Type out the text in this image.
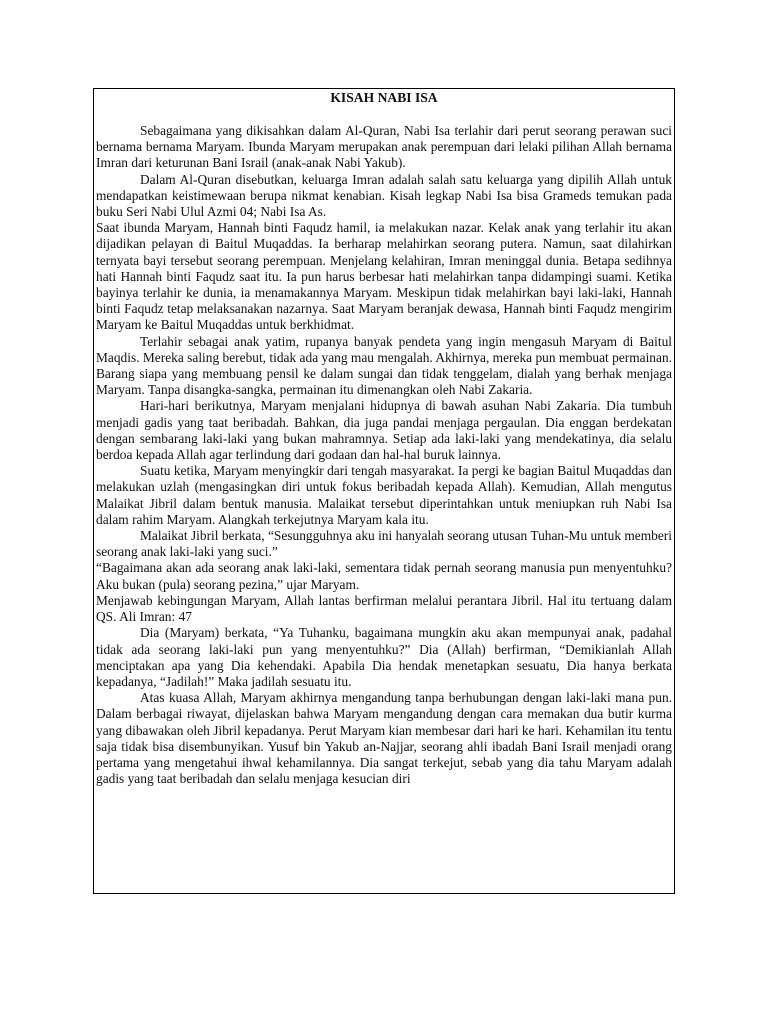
KISAH NABI ISA

Sebagaimana yang dikisahkan dalam Al-Quran, Nabi Isa terlahir dari perut seorang perawan suci bernama bernama Maryam. Ibunda Maryam merupakan anak perempuan dari lelaki pilihan Allah bernama Imran dari keturunan Bani Israil (anak-anak Nabi Yakub).

Dalam Al-Quran disebutkan, keluarga Imran adalah salah satu keluarga yang dipilih Allah untuk mendapatkan keistimewaan berupa nikmat kenabian. Kisah legkap Nabi Isa bisa Grameds temukan pada buku Seri Nabi Ulul Azmi 04; Nabi Isa As.

Saat ibunda Maryam, Hannah binti Faqudz hamil, ia melakukan nazar. Kelak anak yang terlahir itu akan dijadikan pelayan di Baitul Muqaddas. Ia berharap melahirkan seorang putera. Namun, saat dilahirkan ternyata bayi tersebut seorang perempuan. Menjelang kelahiran, Imran meninggal dunia. Betapa sedihnya hati Hannah binti Faqudz saat itu. Ia pun harus berbesar hati melahirkan tanpa didampingi suami. Ketika bayinya terlahir ke dunia, ia menamakannya Maryam. Meskipun tidak melahirkan bayi laki-laki, Hannah binti Faqudz tetap melaksanakan nazarnya. Saat Maryam beranjak dewasa, Hannah binti Faqudz mengirim Maryam ke Baitul Muqaddas untuk berkhidmat.

Terlahir sebagai anak yatim, rupanya banyak pendeta yang ingin mengasuh Maryam di Baitul Maqdis. Mereka saling berebut, tidak ada yang mau mengalah. Akhirnya, mereka pun membuat permainan. Barang siapa yang membuang pensil ke dalam sungai dan tidak tenggelam, dialah yang berhak menjaga Maryam. Tanpa disangka-sangka, permainan itu dimenangkan oleh Nabi Zakaria.

Hari-hari berikutnya, Maryam menjalani hidupnya di bawah asuhan Nabi Zakaria. Dia tumbuh menjadi gadis yang taat beribadah. Bahkan, dia juga pandai menjaga pergaulan. Dia enggan berdekatan dengan sembarang laki-laki yang bukan mahramnya. Setiap ada laki-laki yang mendekatinya, dia selalu berdoa kepada Allah agar terlindung dari godaan dan hal-hal buruk lainnya.

Suatu ketika, Maryam menyingkir dari tengah masyarakat. Ia pergi ke bagian Baitul Muqaddas dan melakukan uzlah (mengasingkan diri untuk fokus beribadah kepada Allah). Kemudian, Allah mengutus Malaikat Jibril dalam bentuk manusia. Malaikat tersebut diperintahkan untuk meniupkan ruh Nabi Isa dalam rahim Maryam. Alangkah terkejutnya Maryam kala itu.

Malaikat Jibril berkata, “Sesungguhnya aku ini hanyalah seorang utusan Tuhan-Mu untuk memberi seorang anak laki-laki yang suci.”

“Bagaimana akan ada seorang anak laki-laki, sementara tidak pernah seorang manusia pun menyentuhku? Aku bukan (pula) seorang pezina,” ujar Maryam.

Menjawab kebingungan Maryam, Allah lantas berfirman melalui perantara Jibril. Hal itu tertuang dalam QS. Ali Imran: 47

Dia (Maryam) berkata, “Ya Tuhanku, bagaimana mungkin aku akan mempunyai anak, padahal tidak ada seorang laki-laki pun yang menyentuhku?” Dia (Allah) berfirman, “Demikianlah Allah menciptakan apa yang Dia kehendaki. Apabila Dia hendak menetapkan sesuatu, Dia hanya berkata kepadanya, “Jadilah!” Maka jadilah sesuatu itu.

Atas kuasa Allah, Maryam akhirnya mengandung tanpa berhubungan dengan laki-laki mana pun. Dalam berbagai riwayat, dijelaskan bahwa Maryam mengandung dengan cara memakan dua butir kurma yang dibawakan oleh Jibril kepadanya. Perut Maryam kian membesar dari hari ke hari. Kehamilan itu tentu saja tidak bisa disembunyikan. Yusuf bin Yakub an-Najjar, seorang ahli ibadah Bani Israil menjadi orang pertama yang mengetahui ihwal kehamilannya. Dia sangat terkejut, sebab yang dia tahu Maryam adalah gadis yang taat beribadah dan selalu menjaga kesucian diri
